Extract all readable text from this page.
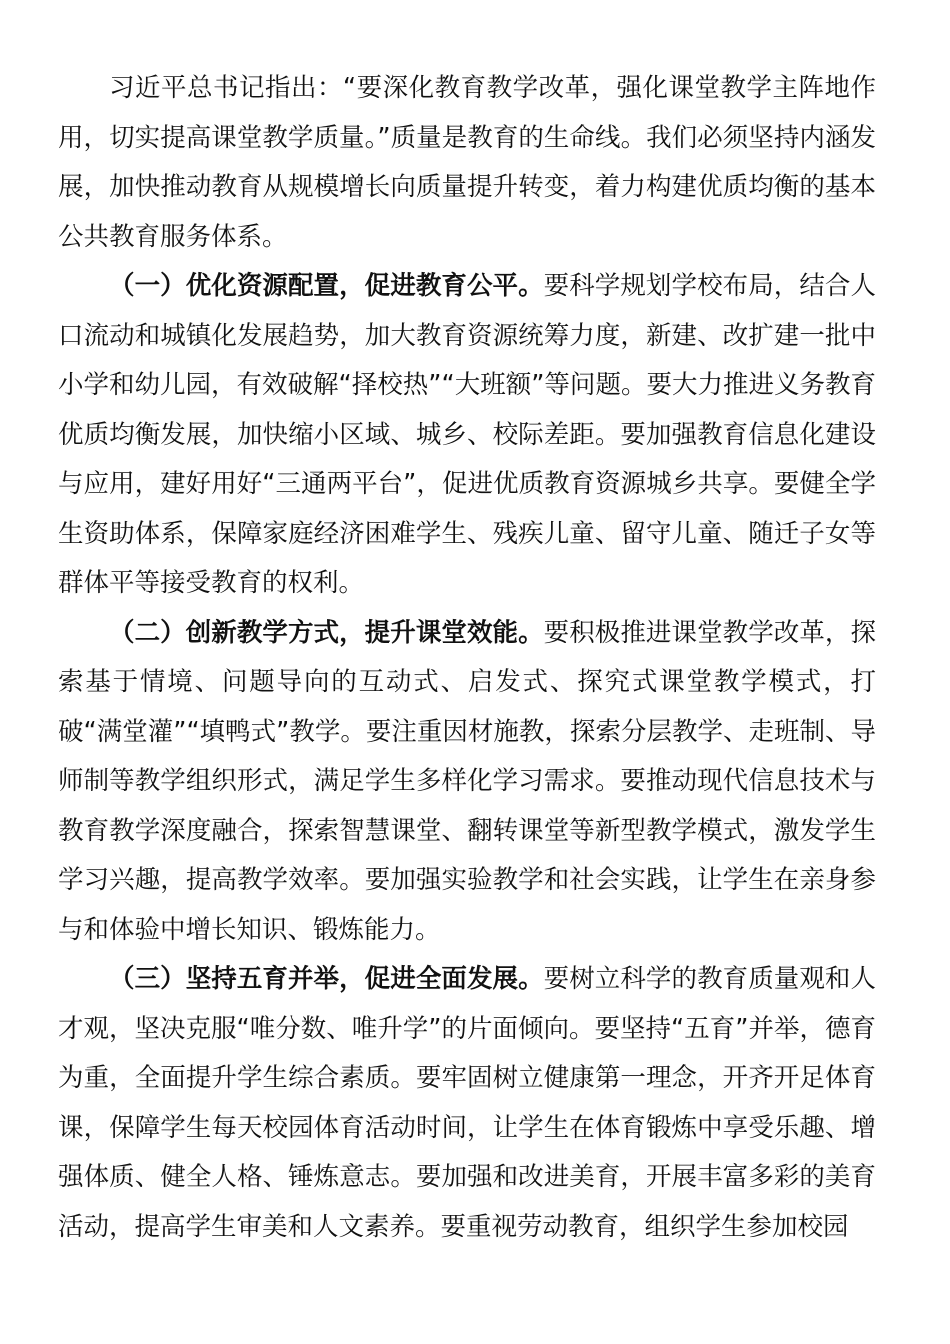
习近平总书记指出：“要深化教育教学改革，强化课堂教学主阵地作用，切实提高课堂教学质量。”质量是教育的生命线。我们必须坚持内涵发展，加快推动教育从规模增长向质量提升转变，着力构建优质均衡的基本公共教育服务体系。

（一）优化资源配置，促进教育公平。要科学规划学校布局，结合人口流动和城镇化发展趋势，加大教育资源统筹力度，新建、改扩建一批中小学和幼儿园，有效破解“择校热”“大班额”等问题。要大力推进义务教育优质均衡发展，加快缩小区域、城乡、校际差距。要加强教育信息化建设与应用，建好用好“三通两平台”，促进优质教育资源城乡共享。要健全学生资助体系，保障家庭经济困难学生、残疾儿童、留守儿童、随迁子女等群体平等接受教育的权利。

（二）创新教学方式，提升课堂效能。要积极推进课堂教学改革，探索基于情境、问题导向的互动式、启发式、探究式课堂教学模式，打破“满堂灌”“填鸭式”教学。要注重因材施教，探索分层教学、走班制、导师制等教学组织形式，满足学生多样化学习需求。要推动现代信息技术与教育教学深度融合，探索智慧课堂、翻转课堂等新型教学模式，激发学生学习兴趣，提高教学效率。要加强实验教学和社会实践，让学生在亲身参与和体验中增长知识、锻炼能力。

（三）坚持五育并举，促进全面发展。要树立科学的教育质量观和人才观，坚决克服“唯分数、唯升学”的片面倾向。要坚持“五育”并举，德育为重，全面提升学生综合素质。要牢固树立健康第一理念，开齐开足体育课，保障学生每天校园体育活动时间，让学生在体育锻炼中享受乐趣、增强体质、健全人格、锤炼意志。要加强和改进美育，开展丰富多彩的美育活动，提高学生审美和人文素养。要重视劳动教育，组织学生参加校园
